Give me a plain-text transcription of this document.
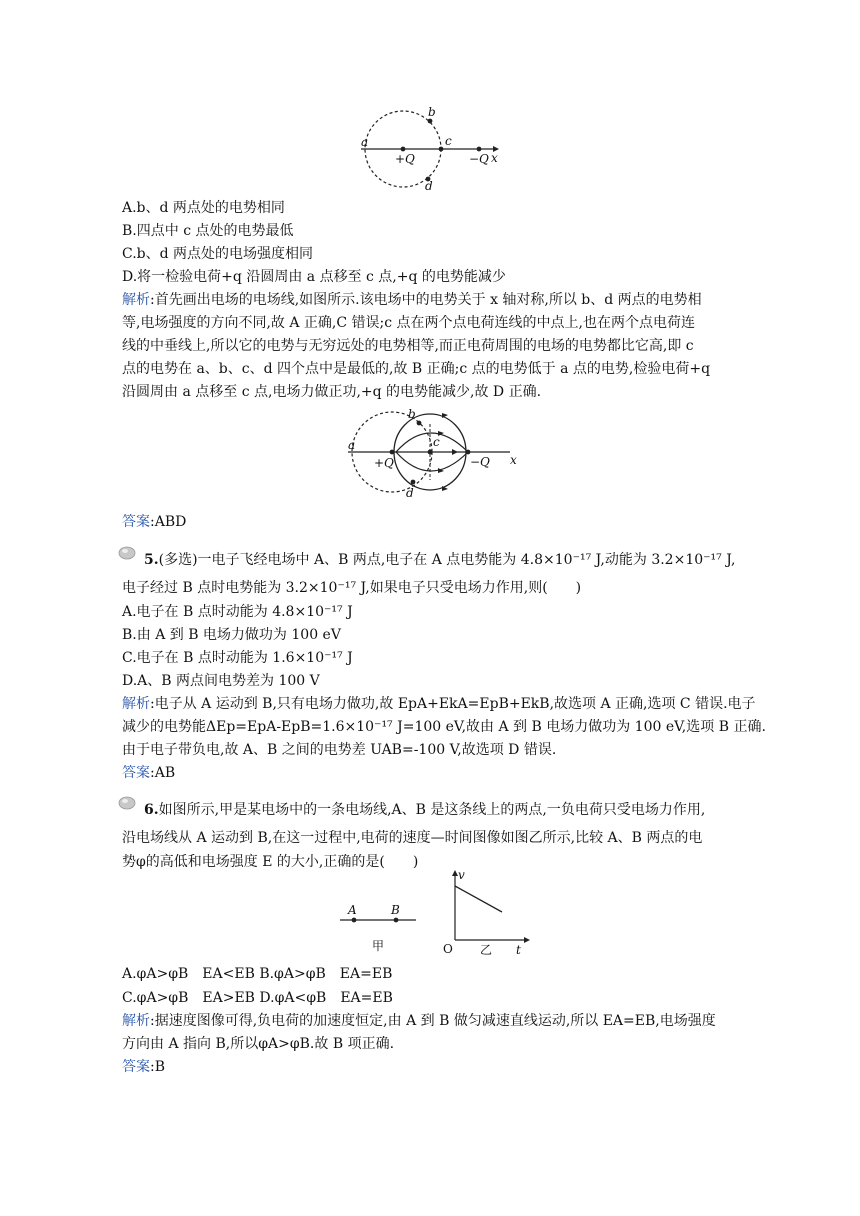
a
b
c
d
+Q	−Q x
A.b、d 两点处的电势相同
B.四点中 c 点处的电势最低
C.b、d 两点处的电场强度相同
D.将一检验电荷+q 沿圆周由 a 点移至 c 点,+q 的电势能减少
解析:首先画出电场的电场线,如图所示.该电场中的电势关于 x 轴对称,所以 b、d 两点的电势相
等,电场强度的方向不同,故 A 正确,C 错误;c 点在两个点电荷连线的中点上,也在两个点电荷连
线的中垂线上,所以它的电势与无穷远处的电势相等,而正电荷周围的电场的电势都比它高,即 c
点的电势在 a、b、c、d 四个点中是最低的,故 B 正确;c 点的电势低于 a 点的电势,检验电荷+q
沿圆周由 a 点移至 c 点,电场力做正功,+q 的电势能减少,故 D 正确.
a
b
c
d
+Q	−Q x
答案:ABD
5.(多选)一电子飞经电场中 A、B 两点,电子在 A 点电势能为 4.8×10⁻¹⁷ J,动能为 3.2×10⁻¹⁷ J,
电子经过 B 点时电势能为 3.2×10⁻¹⁷ J,如果电子只受电场力作用,则(　　)
A.电子在 B 点时动能为 4.8×10⁻¹⁷ J
B.由 A 到 B 电场力做功为 100 eV
C.电子在 B 点时动能为 1.6×10⁻¹⁷ J
D.A、B 两点间电势差为 100 V
解析:电子从 A 运动到 B,只有电场力做功,故 EpA+EkA=EpB+EkB,故选项 A 正确,选项 C 错误.电子
减少的电势能ΔEp=EpA-EpB=1.6×10⁻¹⁷ J=100 eV,故由 A 到 B 电场力做功为 100 eV,选项 B 正确.
由于电子带负电,故 A、B 之间的电势差 UAB=-100 V,故选项 D 错误.
答案:AB
6.如图所示,甲是某电场中的一条电场线,A、B 是这条线上的两点,一负电荷只受电场力作用,
沿电场线从 A 运动到 B,在这一过程中,电荷的速度—时间图像如图乙所示,比较 A、B 两点的电
势φ的高低和电场强度 E 的大小,正确的是(　　)
A	B
甲
v
t
O 乙
A.φA>φB　EA<EB B.φA>φB　EA=EB
C.φA>φB　EA>EB D.φA<φB　EA=EB
解析:据速度图像可得,负电荷的加速度恒定,由 A 到 B 做匀减速直线运动,所以 EA=EB,电场强度
方向由 A 指向 B,所以φA>φB.故 B 项正确.
答案:B
